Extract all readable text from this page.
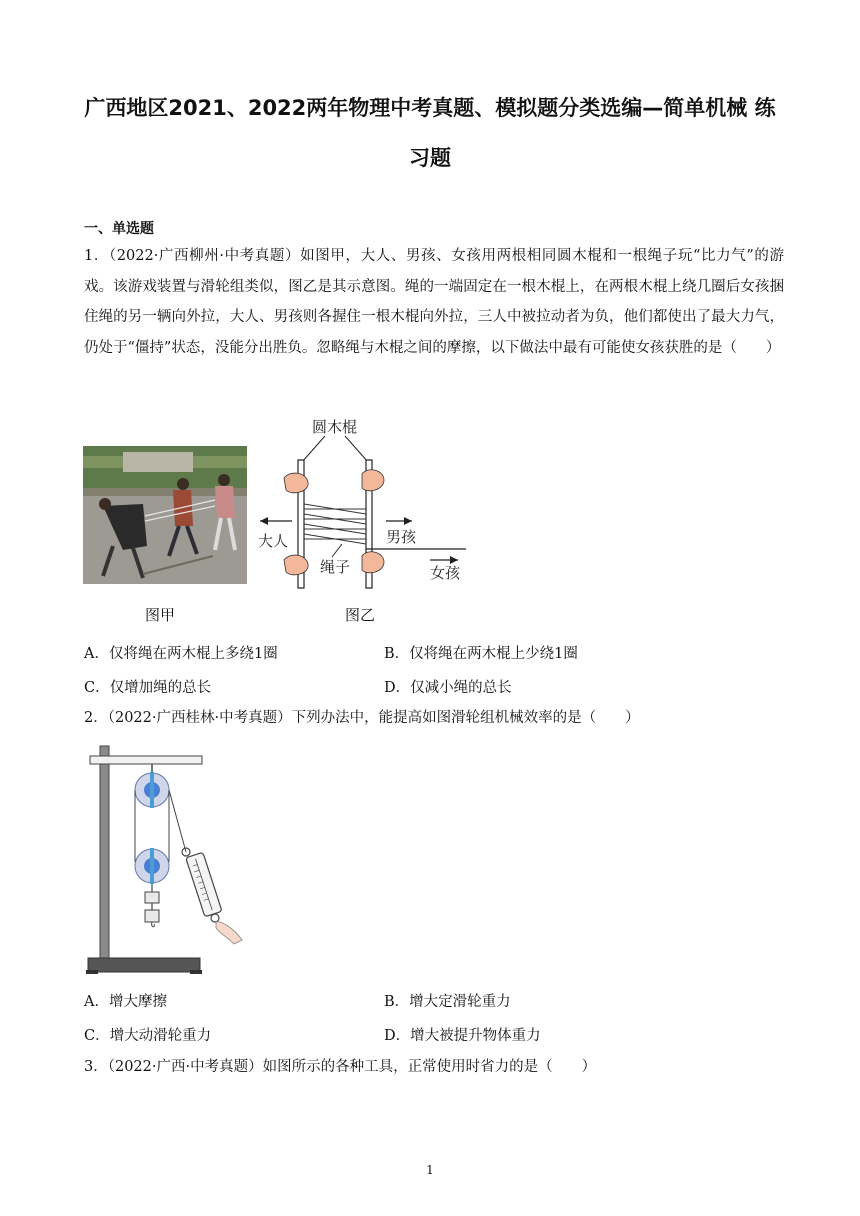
广西地区2021、2022两年物理中考真题、模拟题分类选编—简单机械 练
习题
一、单选题
1．（2022·广西柳州·中考真题）如图甲，大人、男孩、女孩用两根相同圆木棍和一根绳子玩“比力气”的游戏。该游戏装置与滑轮组类似，图乙是其示意图。绳的一端固定在一根木棍上，在两根木棍上绕几圈后女孩捆住绳的另一辆向外拉，大人、男孩则各握住一根木棍向外拉，三人中被拉动者为负，他们都使出了最大力气，仍处于“僵持”状态，没能分出胜负。忽略绳与木棍之间的摩擦，以下做法中最有可能使女孩获胜的是（　　）
图甲
圆木棍
大人	男孩
女孩
绳子
图乙
A．仅将绳在两木棍上多绕1圈	B．仅将绳在两木棍上少绕1圈
C．仅增加绳的总长	D．仅减小绳的总长
2．（2022·广西桂林·中考真题）下列办法中，能提高如图滑轮组机械效率的是（　　）
A．增大摩擦	B．增大定滑轮重力
C．增大动滑轮重力	D．增大被提升物体重力
3．（2022·广西·中考真题）如图所示的各种工具，正常使用时省力的是（　　）
1
